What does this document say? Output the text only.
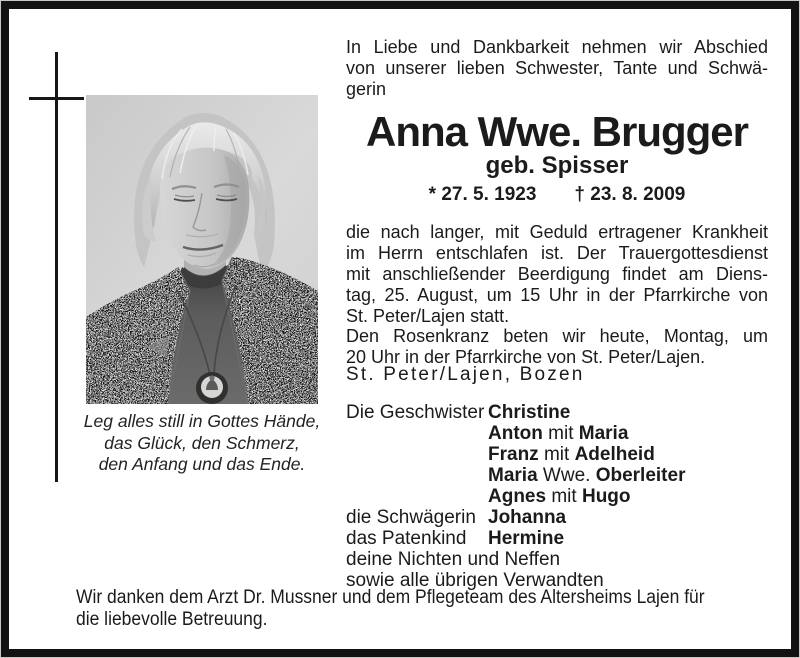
Leg alles still in Gottes Hände,
das Glück, den Schmerz,
den Anfang und das Ende.
In Liebe und Dankbarkeit nehmen wir Abschied
von unserer lieben Schwester, Tante und Schwä-
gerin
Anna Wwe. Brugger
geb. Spisser
* 27. 5. 1923 † 23. 8. 2009
die nach langer, mit Geduld ertragener Krankheit
im Herrn entschlafen ist. Der Trauergottesdienst
mit anschließender Beerdigung findet am Diens-
tag, 25. August, um 15 Uhr in der Pfarrkirche von
St. Peter/Lajen statt.
Den Rosenkranz beten wir heute, Montag, um
20 Uhr in der Pfarrkirche von St. Peter/Lajen.
St. Peter/Lajen, Bozen
Die Geschwister Christine
Anton mit Maria
Franz mit Adelheid
Maria Wwe. Oberleiter
Agnes mit Hugo
die Schwägerin Johanna
das Patenkind Hermine
deine Nichten und Neffen
sowie alle übrigen Verwandten
Wir danken dem Arzt Dr. Mussner und dem Pflegeteam des Altersheims Lajen für
die liebevolle Betreuung.
